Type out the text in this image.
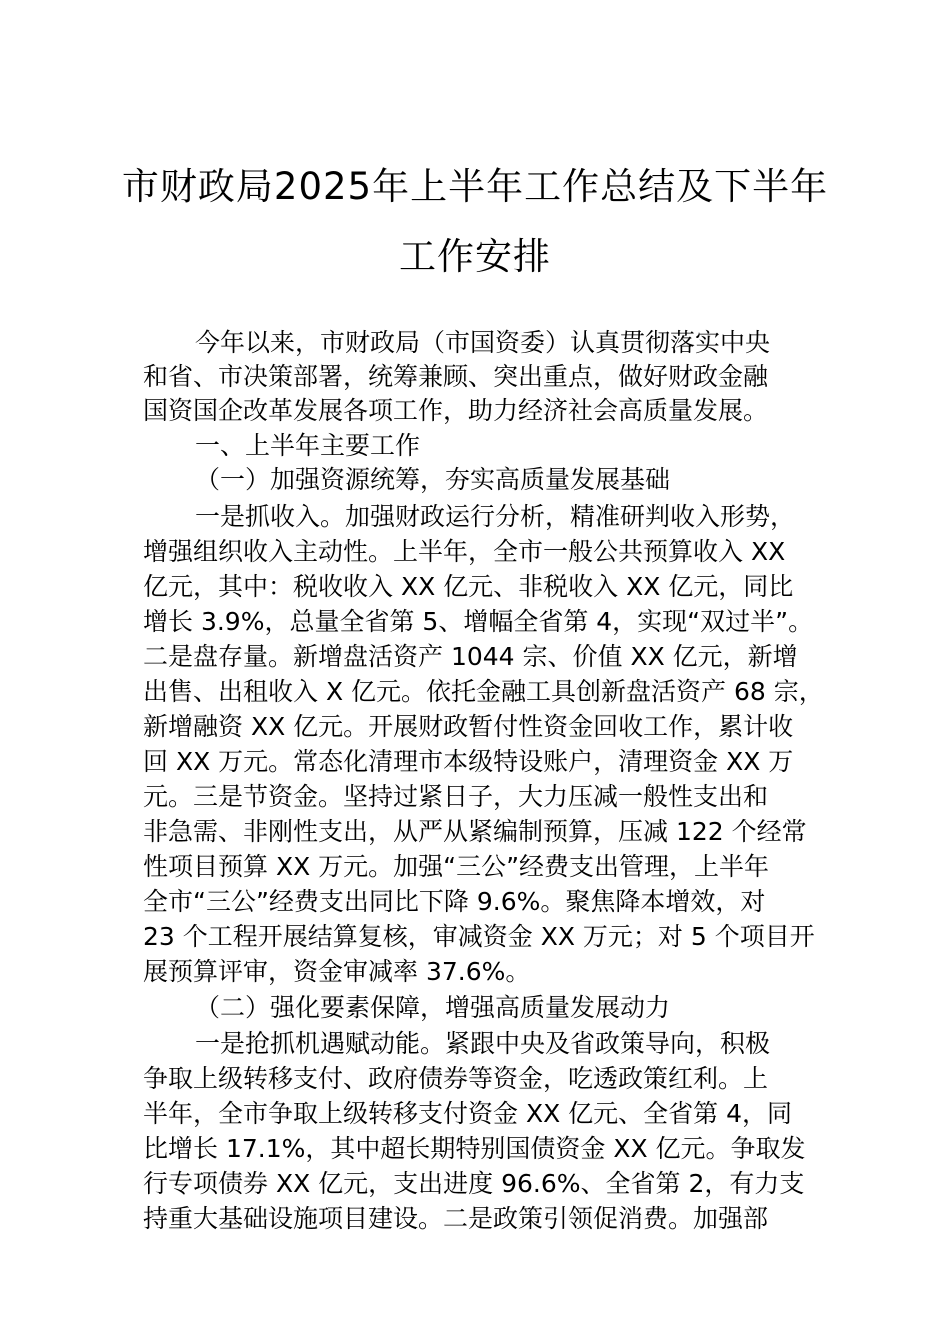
市财政局2025年上半年工作总结及下半年
工作安排

今年以来，市财政局（市国资委）认真贯彻落实中央

和省、市决策部署，统筹兼顾、突出重点，做好财政金融

国资国企改革发展各项工作，助力经济社会高质量发展。

一、上半年主要工作

（一）加强资源统筹，夯实高质量发展基础

一是抓收入。加强财政运行分析，精准研判收入形势，

增强组织收入主动性。上半年，全市一般公共预算收入 XX

亿元，其中：税收收入 XX 亿元、非税收入 XX 亿元，同比

增长 3.9%，总量全省第 5、增幅全省第 4，实现“双过半”。

二是盘存量。新增盘活资产 1044 宗、价值 XX 亿元，新增

出售、出租收入 X 亿元。依托金融工具创新盘活资产 68 宗，

新增融资 XX 亿元。开展财政暂付性资金回收工作，累计收

回 XX 万元。常态化清理市本级特设账户，清理资金 XX 万

元。三是节资金。坚持过紧日子，大力压减一般性支出和

非急需、非刚性支出，从严从紧编制预算，压减 122 个经常

性项目预算 XX 万元。加强“三公”经费支出管理，上半年

全市“三公”经费支出同比下降 9.6%。聚焦降本增效，对

23 个工程开展结算复核，审减资金 XX 万元；对 5 个项目开

展预算评审，资金审减率 37.6%。

（二）强化要素保障，增强高质量发展动力

一是抢抓机遇赋动能。紧跟中央及省政策导向，积极

争取上级转移支付、政府债券等资金，吃透政策红利。上

半年，全市争取上级转移支付资金 XX 亿元、全省第 4，同

比增长 17.1%，其中超长期特别国债资金 XX 亿元。争取发

行专项债券 XX 亿元，支出进度 96.6%、全省第 2，有力支

持重大基础设施项目建设。二是政策引领促消费。加强部
